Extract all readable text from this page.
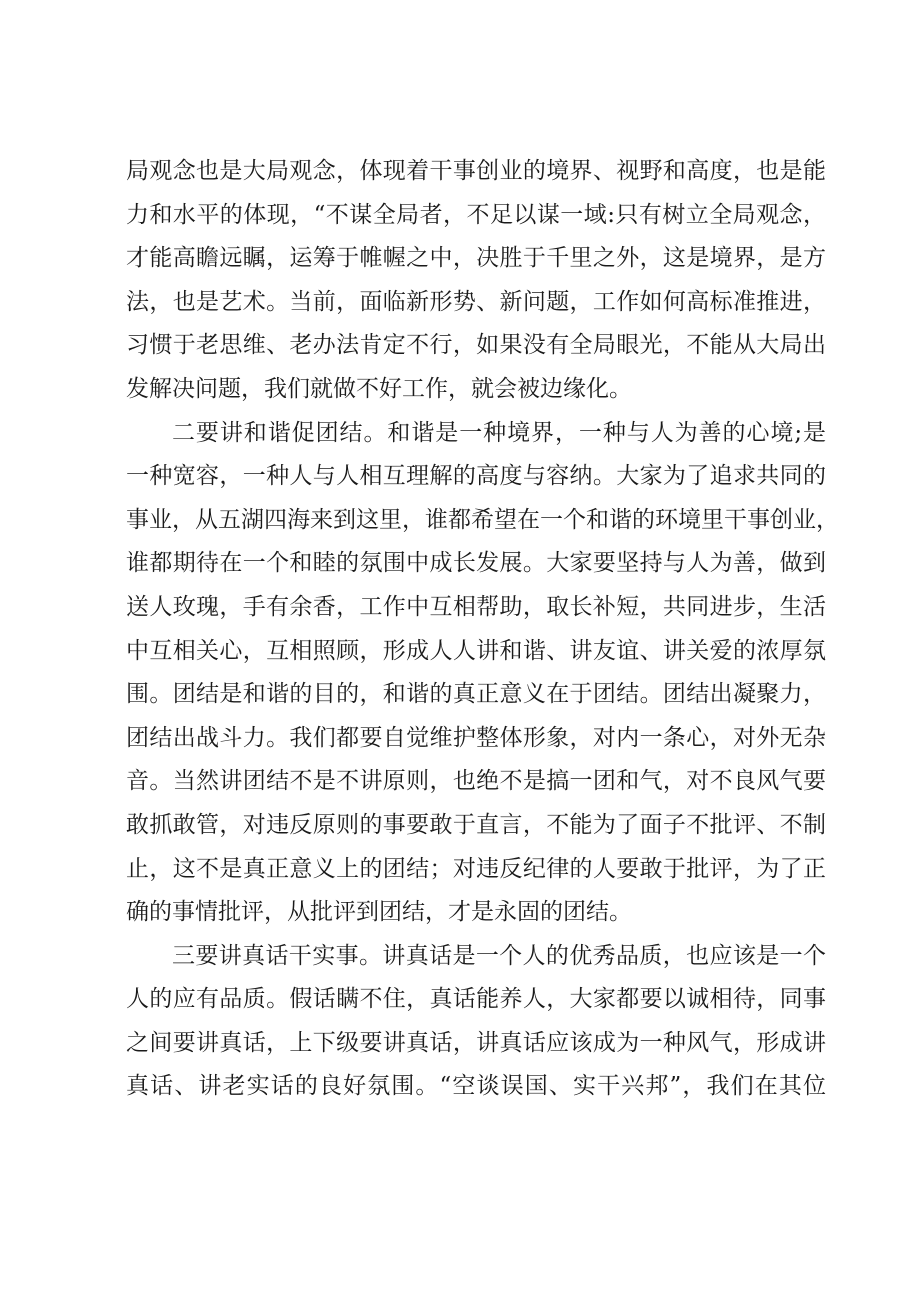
局观念也是大局观念，体现着干事创业的境界、视野和高度，也是能
力和水平的体现，“不谋全局者，不足以谋一域:只有树立全局观念，
才能高瞻远瞩，运筹于帷幄之中，决胜于千里之外，这是境界，是方
法，也是艺术。当前，面临新形势、新问题，工作如何高标准推进，
习惯于老思维、老办法肯定不行，如果没有全局眼光，不能从大局出
发解决问题，我们就做不好工作，就会被边缘化。
二要讲和谐促团结。和谐是一种境界，一种与人为善的心境;是
一种宽容，一种人与人相互理解的高度与容纳。大家为了追求共同的
事业，从五湖四海来到这里，谁都希望在一个和谐的环境里干事创业，
谁都期待在一个和睦的氛围中成长发展。大家要坚持与人为善，做到
送人玫瑰，手有余香，工作中互相帮助，取长补短，共同进步，生活
中互相关心，互相照顾，形成人人讲和谐、讲友谊、讲关爱的浓厚氛
围。团结是和谐的目的，和谐的真正意义在于团结。团结出凝聚力，
团结出战斗力。我们都要自觉维护整体形象，对内一条心，对外无杂
音。当然讲团结不是不讲原则，也绝不是搞一团和气，对不良风气要
敢抓敢管，对违反原则的事要敢于直言，不能为了面子不批评、不制
止，这不是真正意义上的团结；对违反纪律的人要敢于批评，为了正
确的事情批评，从批评到团结，才是永固的团结。
三要讲真话干实事。讲真话是一个人的优秀品质，也应该是一个
人的应有品质。假话瞒不住，真话能养人，大家都要以诚相待，同事
之间要讲真话，上下级要讲真话，讲真话应该成为一种风气，形成讲
真话、讲老实话的良好氛围。“空谈误国、实干兴邦”，我们在其位
